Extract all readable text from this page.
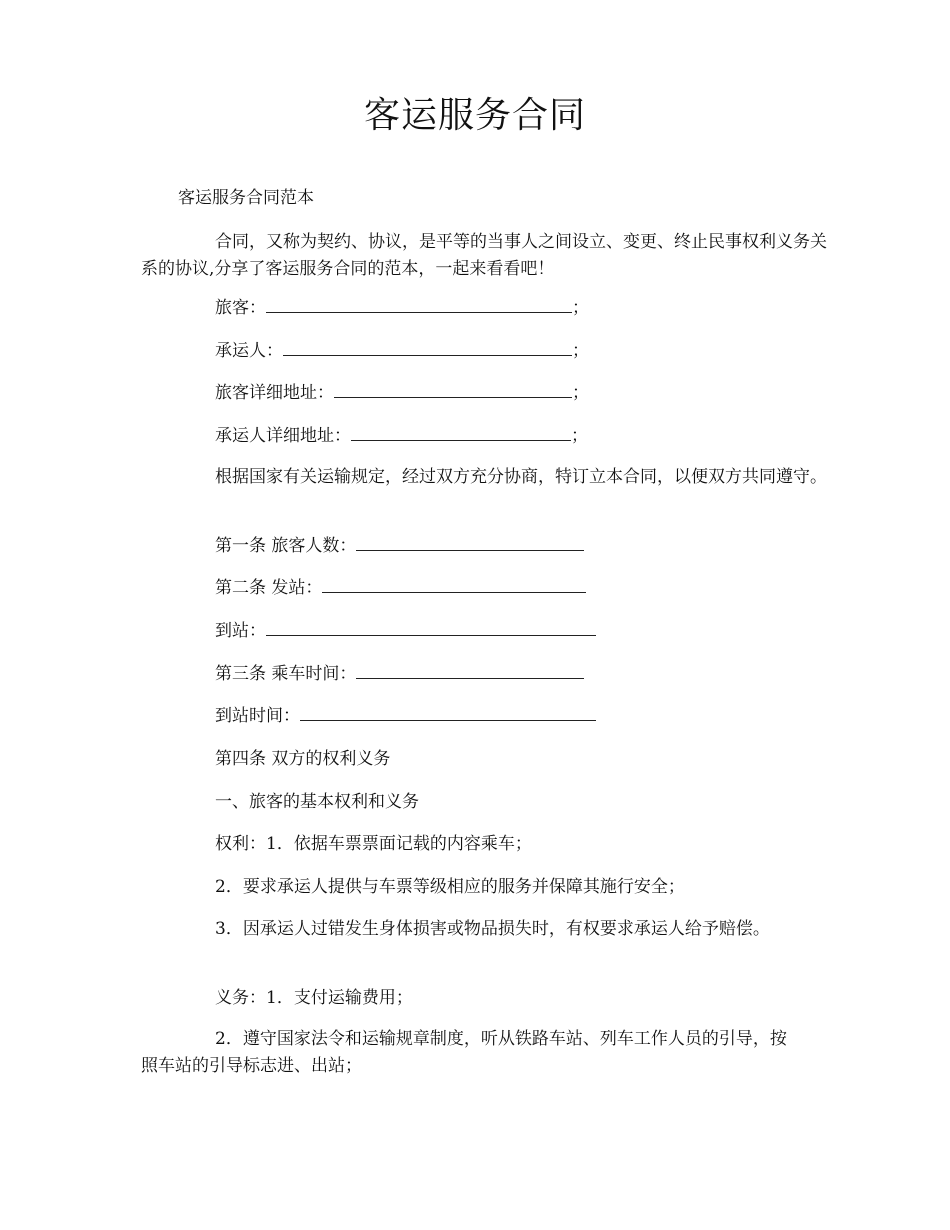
客运服务合同
客运服务合同范本
合同，又称为契约、协议，是平等的当事人之间设立、变更、终止民事权利义务关系的协议,分享了客运服务合同的范本，一起来看看吧！
旅客：	；
承运人：	；
旅客详细地址：	；
承运人详细地址：	；
根据国家有关运输规定，经过双方充分协商，特订立本合同，以便双方共同遵守。
第一条 旅客人数：
第二条 发站：
到站：
第三条 乘车时间：
到站时间：
第四条 双方的权利义务
一、旅客的基本权利和义务
权利：1．依据车票票面记载的内容乘车；
2．要求承运人提供与车票等级相应的服务并保障其施行安全；
3．因承运人过错发生身体损害或物品损失时，有权要求承运人给予赔偿。
义务：1．支付运输费用；
2．遵守国家法令和运输规章制度，听从铁路车站、列车工作人员的引导，按照车站的引导标志进、出站；
